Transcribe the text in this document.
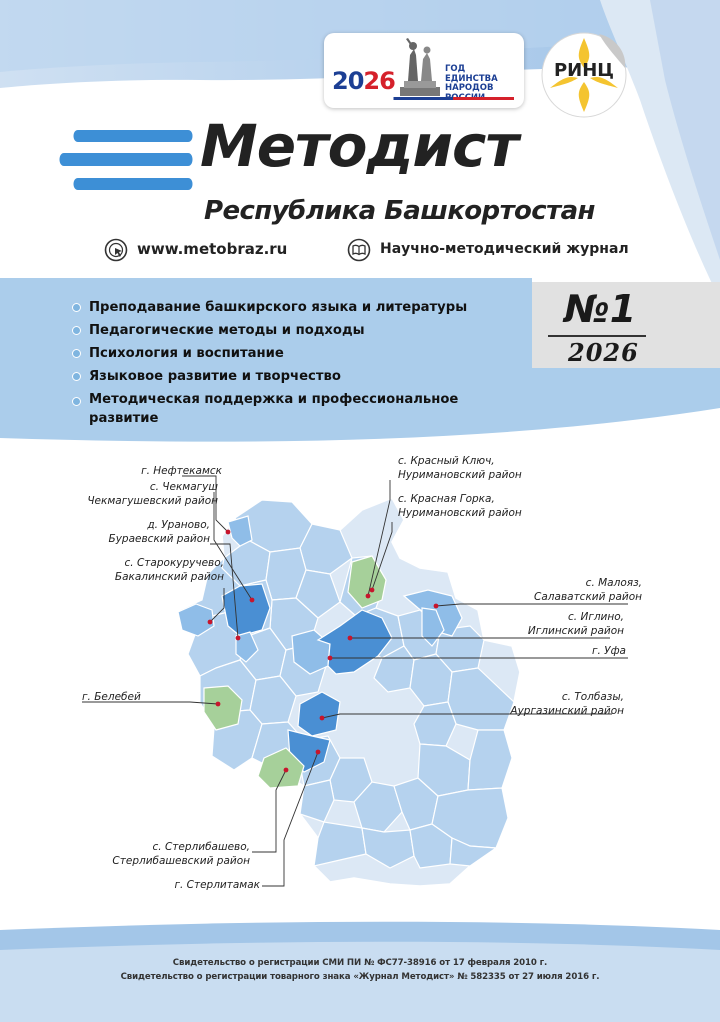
2026	ГОД
ЕДИНСТВА
НАРОДОВ
РИНЦ
Методист
Республика Башкортостан
www.metobraz.ru	Научно-методический журнал
Преподавание башкирского языка и литературы
Педагогические методы и подходы
Психология и воспитание
Языковое развитие и творчество
Методическая поддержка и профессиональное развитие
№1
2026
г. Нефтекамск
с. Чекмагуш
Чекмагушевский район
д. Ураново,
Бураевский район
с. Старокуручево,
Бакалинский район
г. Белебей
с. Красный Ключ,
Нуримановский район
с. Красная Горка,
Нуримановский район
с. Малояз,
Салаватский район
с. Иглино,
Иглинский район
г. Уфа
с. Толбазы,
Аургазинский район
с. Стерлибашево,
Стерлибашевский район
г. Стерлитамак
Свидетельство о регистрации СМИ ПИ № ФС77-38916 от 17 февраля 2010 г.
Свидетельство о регистрации товарного знака «Журнал Методист» № 582335 от 27 июля 2016 г.
